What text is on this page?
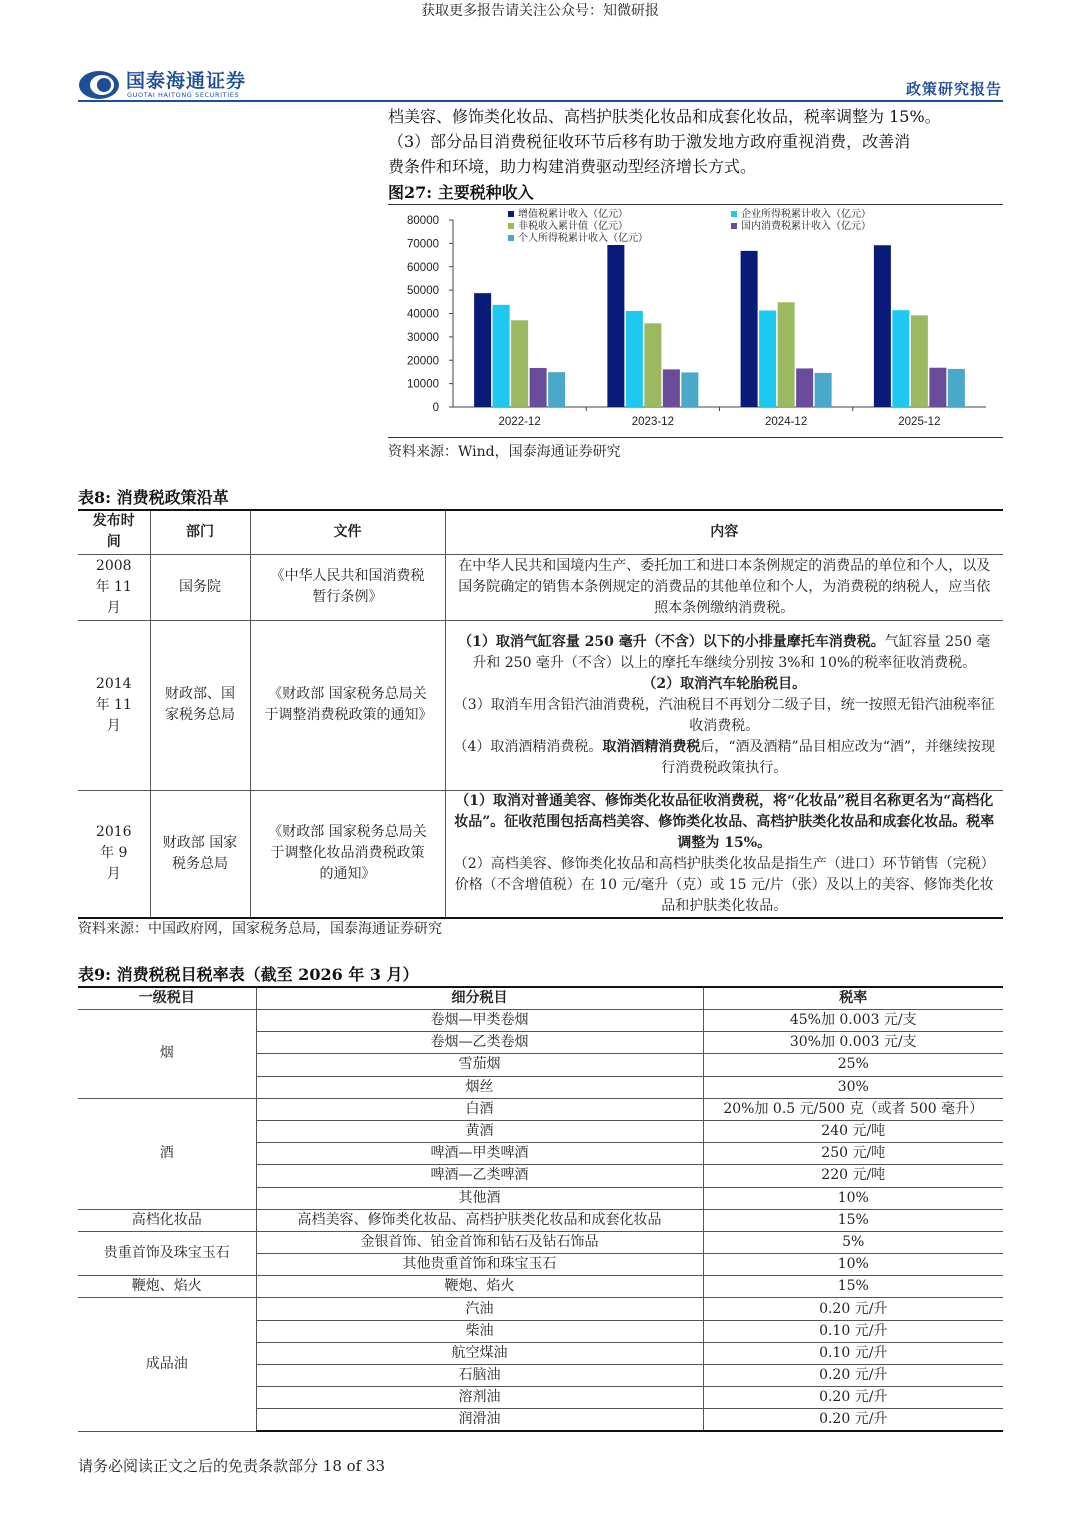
获取更多报告请关注公众号：知微研报
国泰海通证券
GUOTAI HAITONG SECURITIES	政策研究报告
档美容、修饰类化妆品、高档护肤类化妆品和成套化妆品，税率调整为 15%。
（3）部分品目消费税征收环节后移有助于激发地方政府重视消费，改善消
费条件和环境，助力构建消费驱动型经济增长方式。
图27: 主要税种收入
0
10000
20000
30000
40000
50000
60000
70000
80000
2022-12	2023-12	2024-12	2025-12
增值税累计收入（亿元）	企业所得税累计收入（亿元）
非税收入累计值（亿元）	国内消费税累计收入（亿元）
个人所得税累计收入（亿元）
资料来源：Wind，国泰海通证券研究
表8: 消费税政策沿革
发布时间	部门	文件	内容
2008 年 11 月	国务院	《中华人民共和国消费税暂行条例》	在中华人民共和国境内生产、委托加工和进口本条例规定的消费品的单位和个人，以及国务院确定的销售本条例规定的消费品的其他单位和个人，为消费税的纳税人，应当依照本条例缴纳消费税。
2014 年 11 月	财政部、国家税务总局	《财政部 国家税务总局关于调整消费税政策的通知》	（1）取消气缸容量 250 毫升（不含）以下的小排量摩托车消费税。气缸容量 250 毫升和 250 毫升（不含）以上的摩托车继续分别按 3%和 10%的税率征收消费税。
（2）取消汽车轮胎税目。
（3）取消车用含铅汽油消费税，汽油税目不再划分二级子目，统一按照无铅汽油税率征收消费税。
（4）取消酒精消费税。取消酒精消费税后，“酒及酒精”品目相应改为“酒”，并继续按现行消费税政策执行。
2016 年 9 月	财政部 国家税务总局	《财政部 国家税务总局关于调整化妆品消费税政策的通知》	（1）取消对普通美容、修饰类化妆品征收消费税，将“化妆品”税目名称更名为“高档化妆品”。征收范围包括高档美容、修饰类化妆品、高档护肤类化妆品和成套化妆品。税率调整为 15%。
（2）高档美容、修饰类化妆品和高档护肤类化妆品是指生产（进口）环节销售（完税）价格（不含增值税）在 10 元/毫升（克）或 15 元/片（张）及以上的美容、修饰类化妆品和护肤类化妆品。
资料来源：中国政府网，国家税务总局，国泰海通证券研究
表9: 消费税税目税率表（截至 2026 年 3 月）
一级税目	细分税目	税率
烟	卷烟—甲类卷烟	45%加 0.003 元/支
	卷烟—乙类卷烟	30%加 0.003 元/支
	雪茄烟	25%
	烟丝	30%
酒	白酒	20%加 0.5 元/500 克（或者 500 毫升）
	黄酒	240 元/吨
	啤酒—甲类啤酒	250 元/吨
	啤酒—乙类啤酒	220 元/吨
	其他酒	10%
高档化妆品	高档美容、修饰类化妆品、高档护肤类化妆品和成套化妆品	15%
贵重首饰及珠宝玉石	金银首饰、铂金首饰和钻石及钻石饰品	5%
	其他贵重首饰和珠宝玉石	10%
鞭炮、焰火	鞭炮、焰火	15%
成品油	汽油	0.20 元/升
	柴油	0.10 元/升
	航空煤油	0.10 元/升
	石脑油	0.20 元/升
	溶剂油	0.20 元/升
	润滑油	0.20 元/升
请务必阅读正文之后的免责条款部分 18 of 33
